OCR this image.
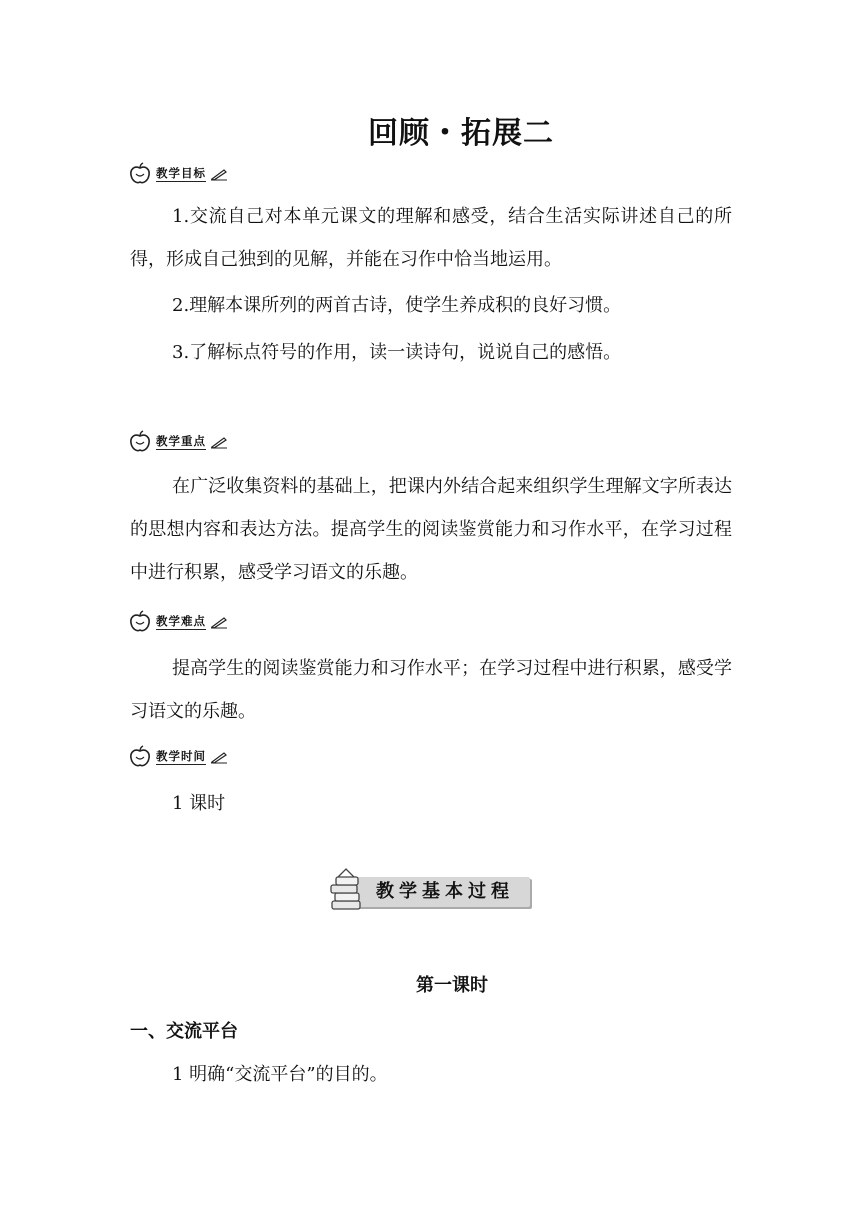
回顾・拓展二
教学目标

1.交流自己对本单元课文的理解和感受，结合生活实际讲述自己的所得，形成自己独到的见解，并能在习作中恰当地运用。

2.理解本课所列的两首古诗，使学生养成积的良好习惯。

3.了解标点符号的作用，读一读诗句，说说自己的感悟。

教学重点

在广泛收集资料的基础上，把课内外结合起来组织学生理解文字所表达的思想内容和表达方法。提高学生的阅读鉴赏能力和习作水平，在学习过程中进行积累，感受学习语文的乐趣。

教学难点

提高学生的阅读鉴赏能力和习作水平；在学习过程中进行积累，感受学习语文的乐趣。

教学时间
1 课时
教学基本过程
第一课时
一、交流平台
1 明确“交流平台”的目的。
